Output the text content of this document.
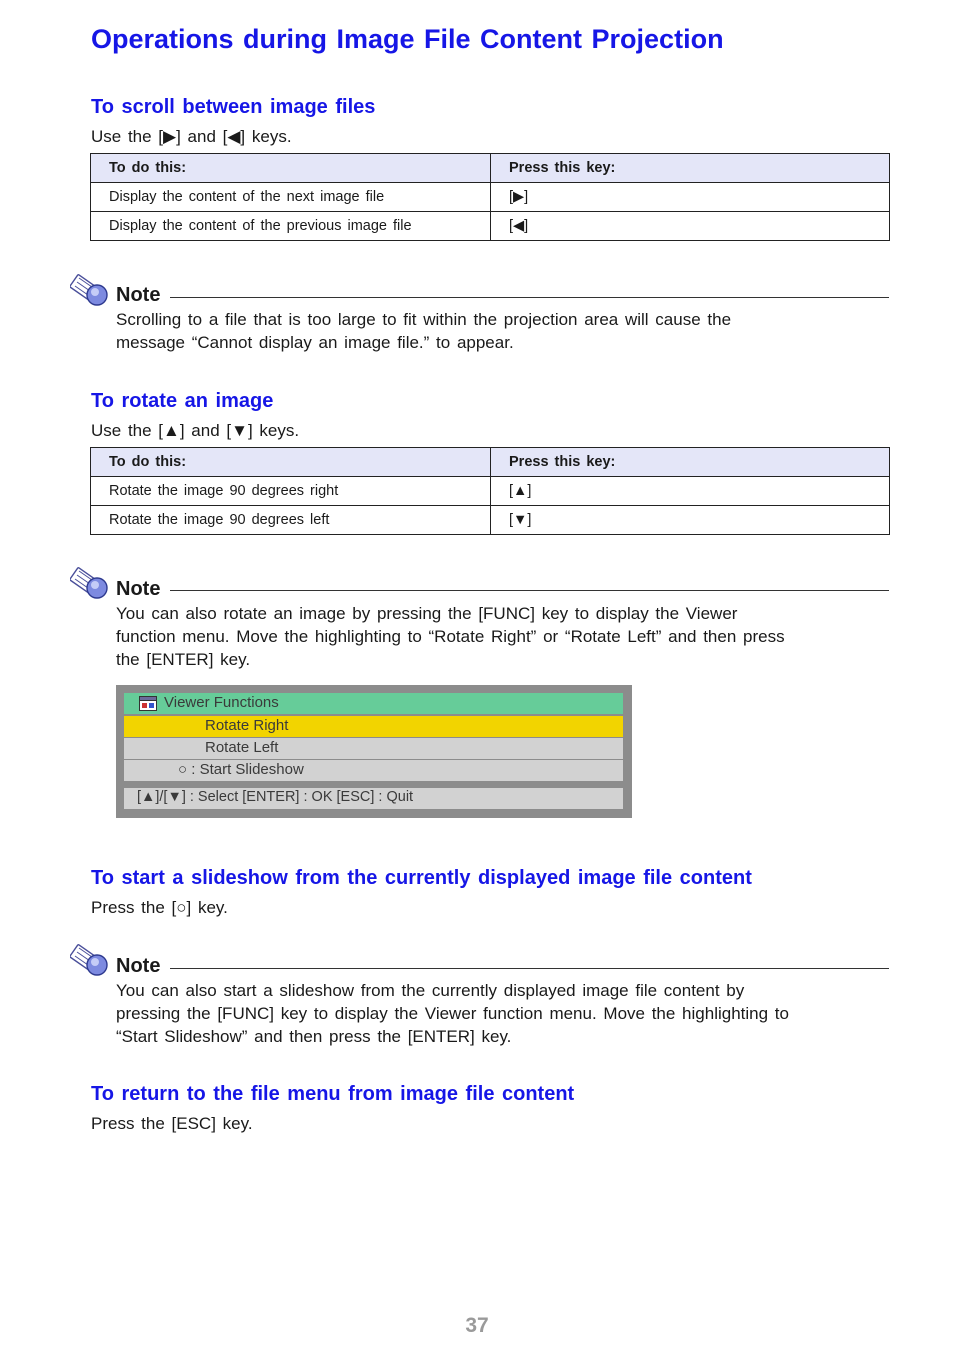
Operations during Image File Content Projection
To scroll between image files
Use the [▶] and [◀] keys.
To do this:	Press this key:
Display the content of the next image file	[▶]
Display the content of the previous image file	[◀]
Note
Scrolling to a file that is too large to fit within the projection area will cause the
message “Cannot display an image file.” to appear.
To rotate an image
Use the [▲] and [▼] keys.
To do this:	Press this key:
Rotate the image 90 degrees right	[▲]
Rotate the image 90 degrees left	[▼]
Note
You can also rotate an image by pressing the [FUNC] key to display the Viewer
function menu. Move the highlighting to “Rotate Right” or “Rotate Left” and then press
the [ENTER] key.
Viewer Functions
Rotate Right
Rotate Left
○ : Start Slideshow
[▲]/[▼] : Select [ENTER] : OK [ESC] : Quit
To start a slideshow from the currently displayed image file content
Press the [○] key.
Note
You can also start a slideshow from the currently displayed image file content by
pressing the [FUNC] key to display the Viewer function menu. Move the highlighting to
“Start Slideshow” and then press the [ENTER] key.
To return to the file menu from image file content
Press the [ESC] key.
37
